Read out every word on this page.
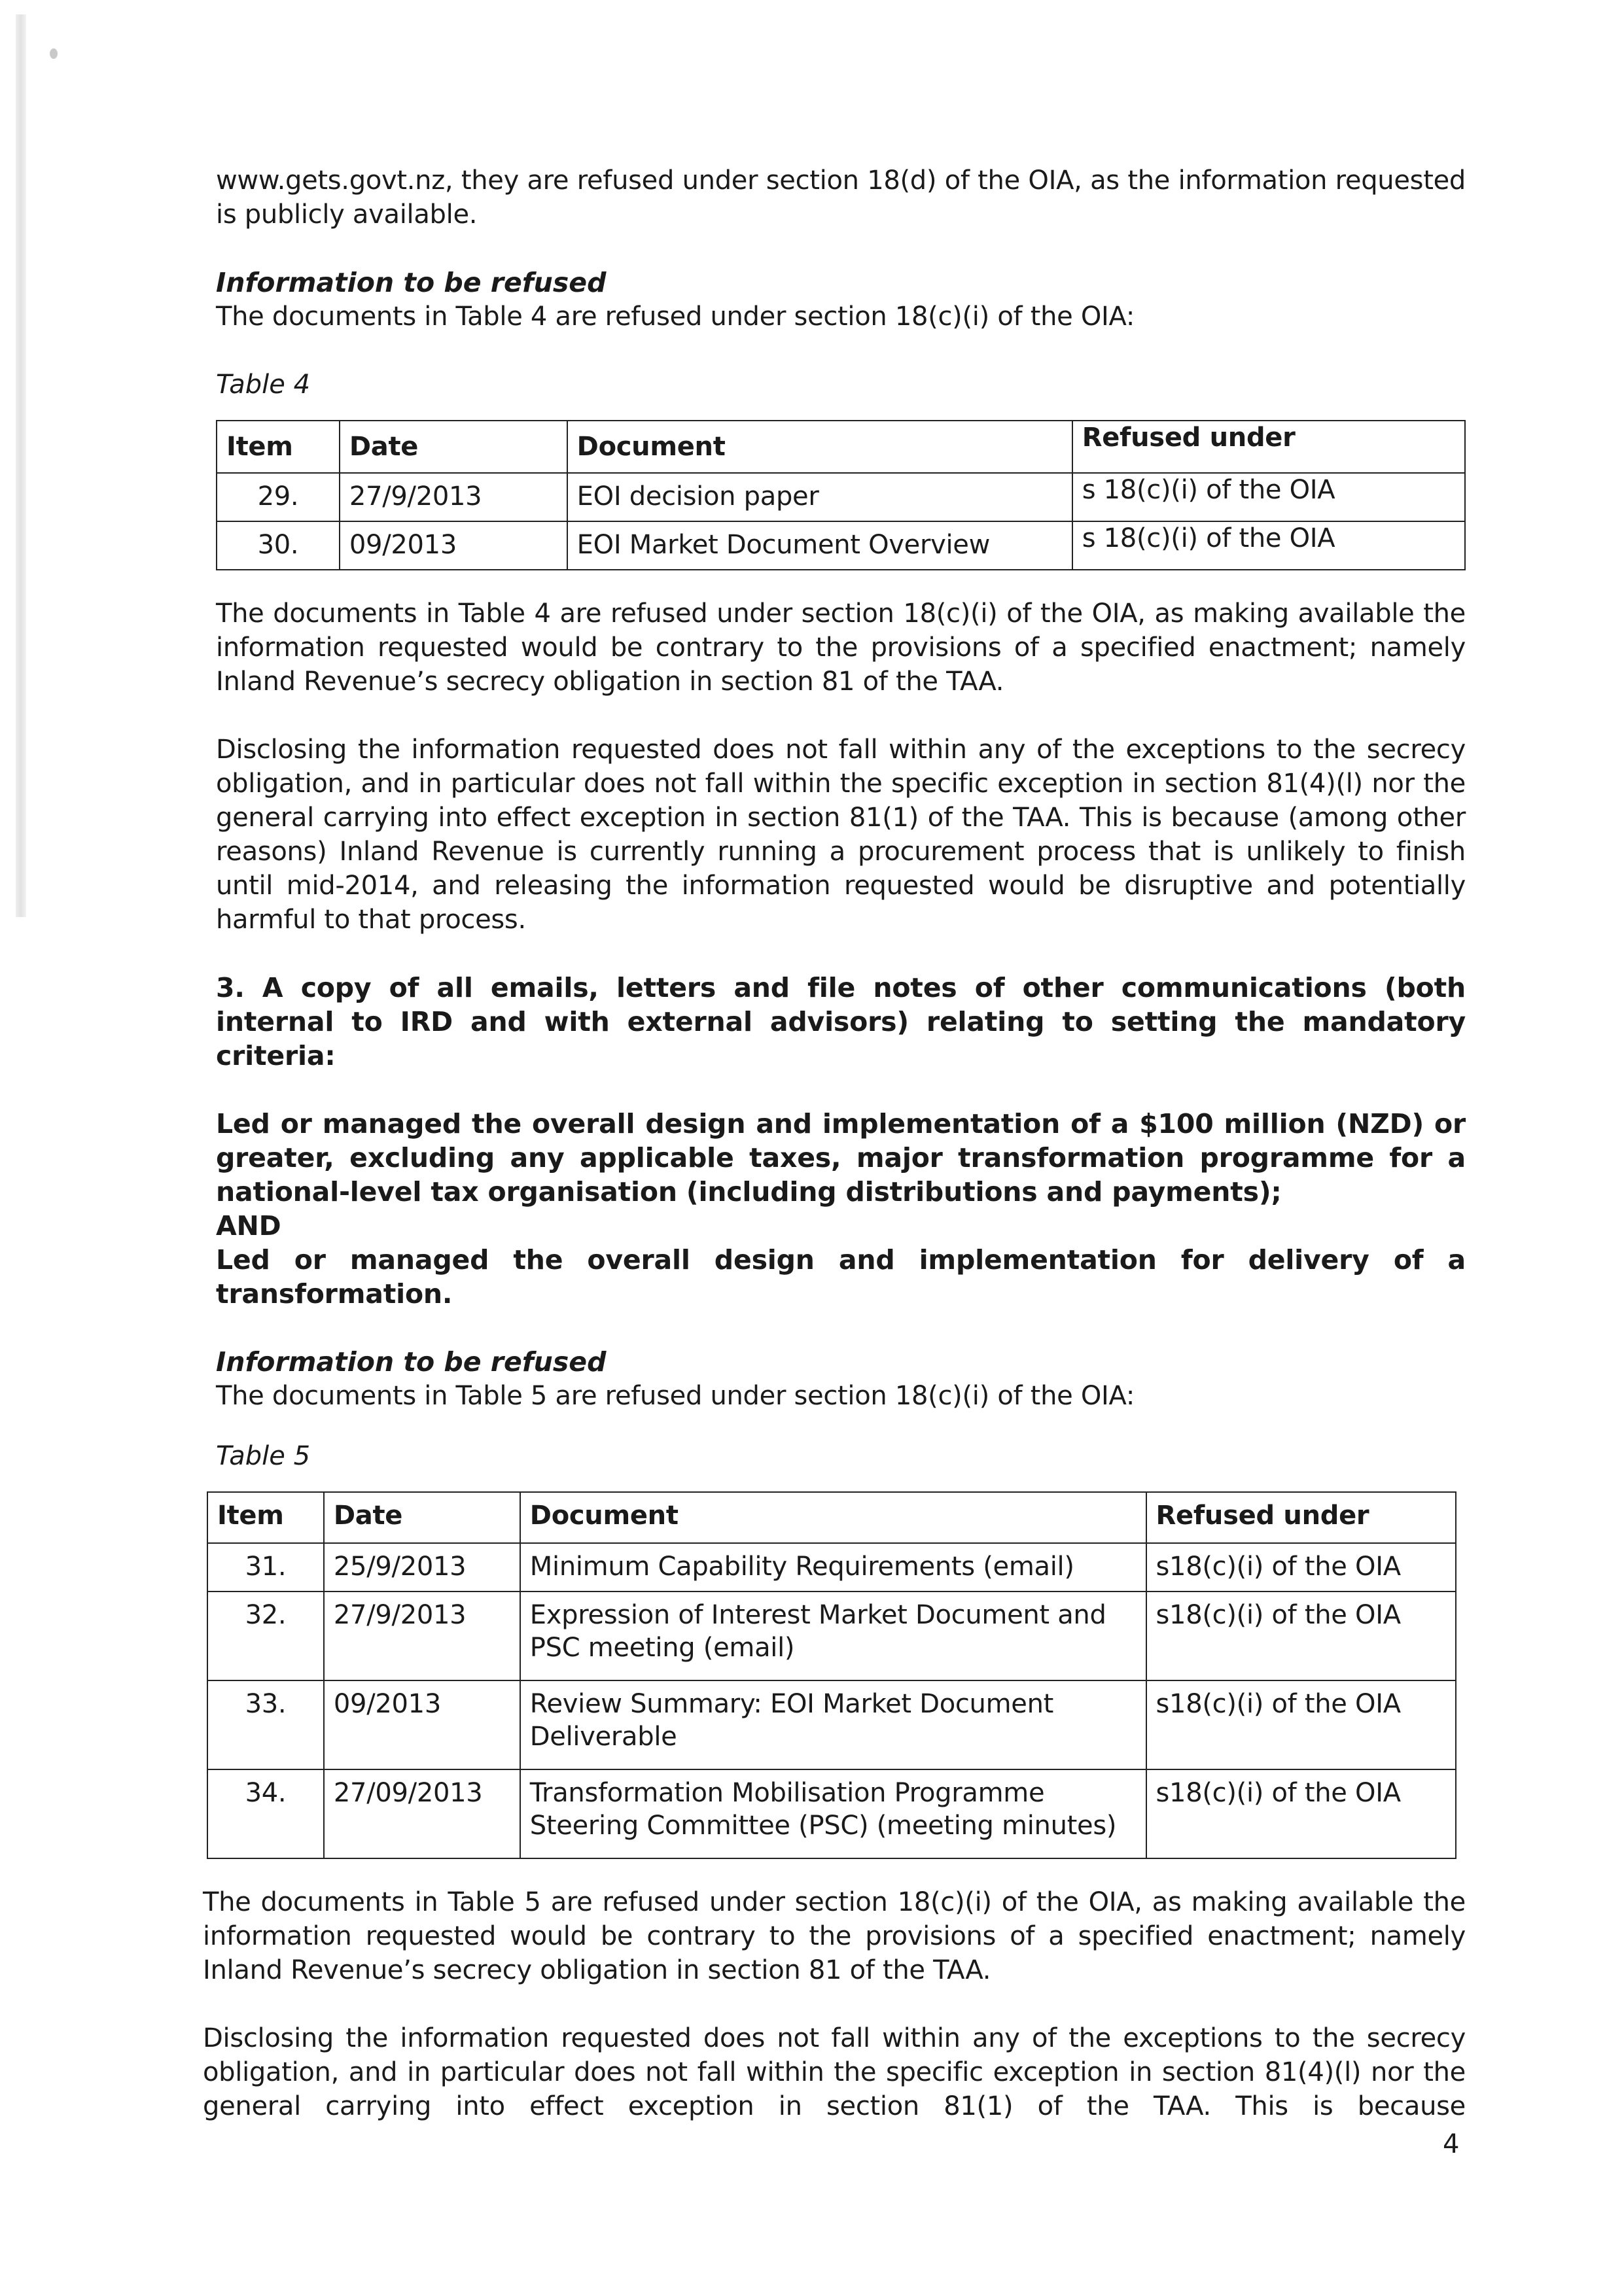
www.gets.govt.nz, they are refused under section 18(d) of the OIA, as the information requested is publicly available.

Information to be refused

The documents in Table 4 are refused under section 18(c)(i) of the OIA:

Table 4

Item	Date	Document	Refused under
29.	27/9/2013	EOI decision paper	s 18(c)(i) of the OIA
30.	09/2013	EOI Market Document Overview	s 18(c)(i) of the OIA

The documents in Table 4 are refused under section 18(c)(i) of the OIA, as making available the information requested would be contrary to the provisions of a specified enactment; namely Inland Revenue’s secrecy obligation in section 81 of the TAA.

Disclosing the information requested does not fall within any of the exceptions to the secrecy obligation, and in particular does not fall within the specific exception in section 81(4)(l) nor the general carrying into effect exception in section 81(1) of the TAA. This is because (among other reasons) Inland Revenue is currently running a procurement process that is unlikely to finish until mid-2014, and releasing the information requested would be disruptive and potentially harmful to that process.

3. A copy of all emails, letters and file notes of other communications (both internal to IRD and with external advisors) relating to setting the mandatory criteria:

Led or managed the overall design and implementation of a $100 million (NZD) or greater, excluding any applicable taxes, major transformation programme for a national-level tax organisation (including distributions and payments);

AND

Led or managed the overall design and implementation for delivery of a transformation.

Information to be refused

The documents in Table 5 are refused under section 18(c)(i) of the OIA:

Table 5

Item	Date	Document	Refused under
31.	25/9/2013	Minimum Capability Requirements (email)	s18(c)(i) of the OIA
32.	27/9/2013	Expression of Interest Market Document and PSC meeting (email)	s18(c)(i) of the OIA
33.	09/2013	Review Summary: EOI Market Document Deliverable	s18(c)(i) of the OIA
34.	27/09/2013	Transformation Mobilisation Programme Steering Committee (PSC) (meeting minutes)	s18(c)(i) of the OIA

The documents in Table 5 are refused under section 18(c)(i) of the OIA, as making available the information requested would be contrary to the provisions of a specified enactment; namely Inland Revenue’s secrecy obligation in section 81 of the TAA.

Disclosing the information requested does not fall within any of the exceptions to the secrecy obligation, and in particular does not fall within the specific exception in section 81(4)(l) nor the general carrying into effect exception in section 81(1) of the TAA. This is because

4
